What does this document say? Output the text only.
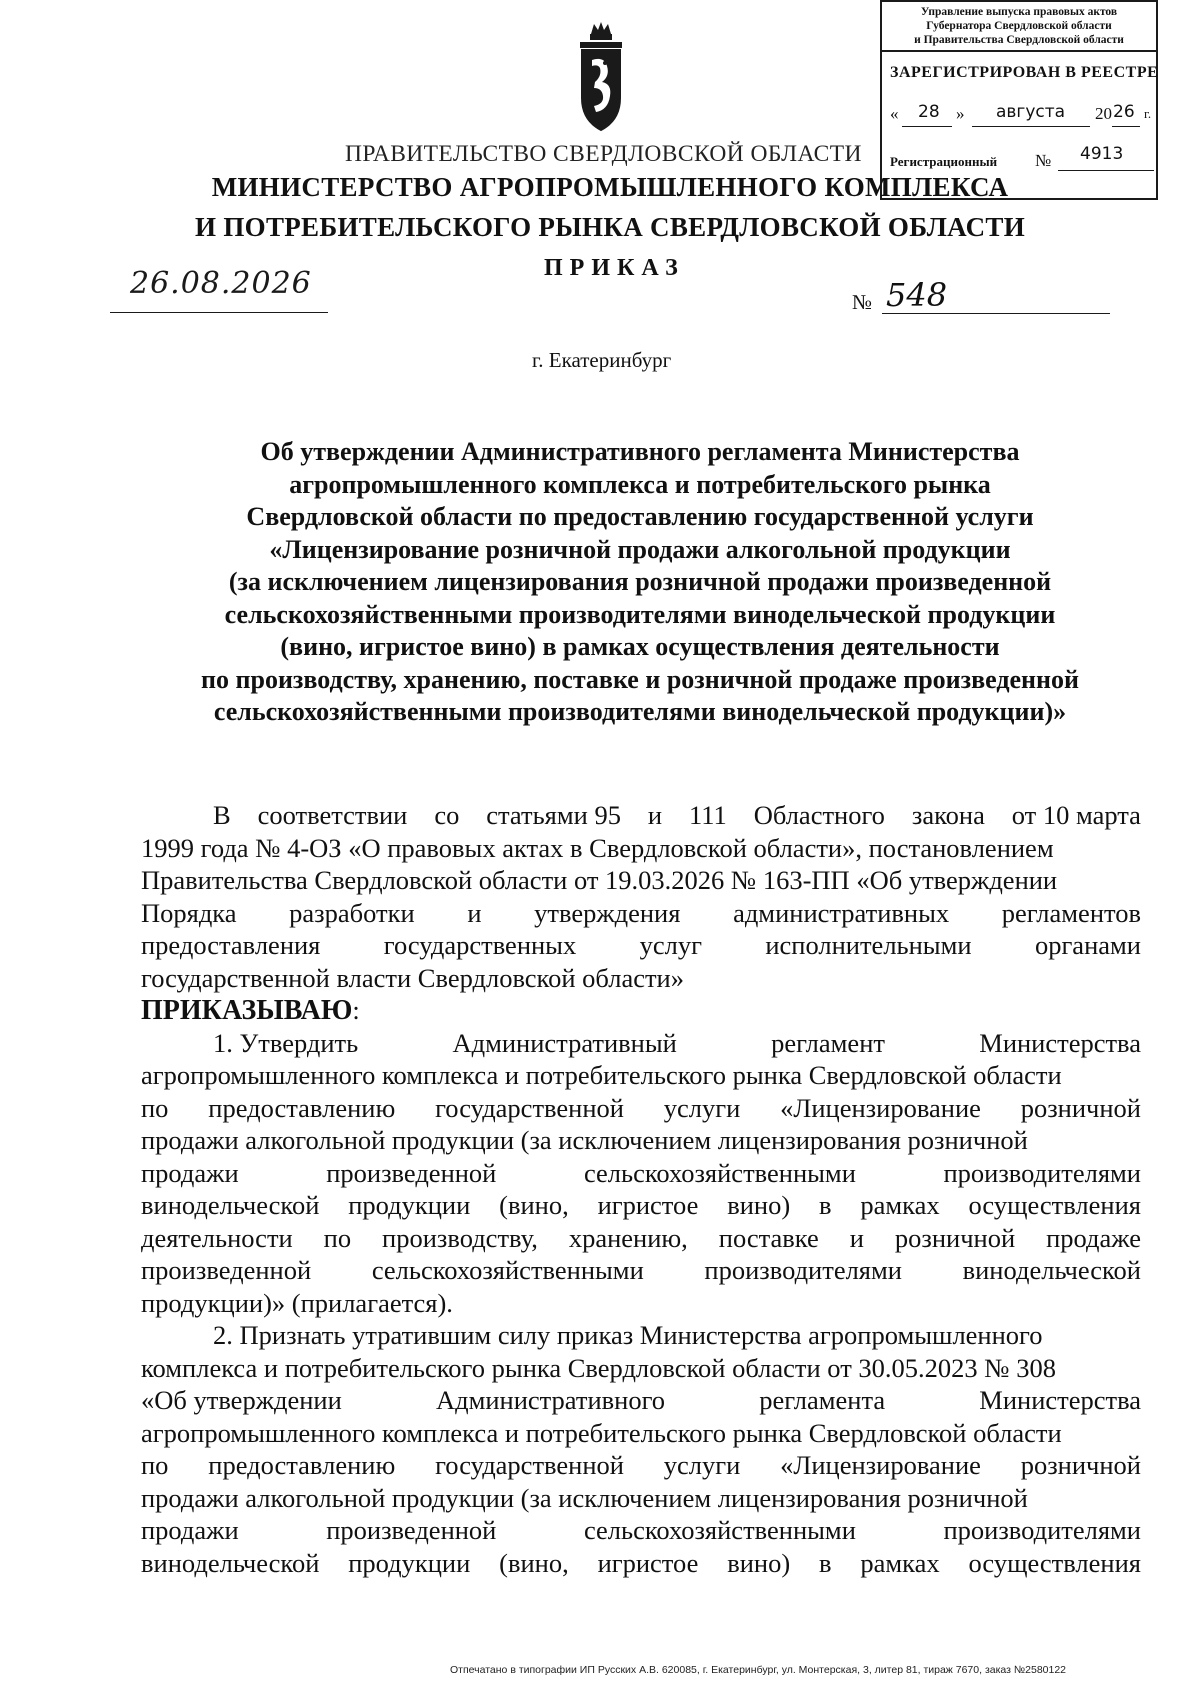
Управление выпуска правовых актов
Губернатора Свердловской области
и Правительства Свердловской области
ЗАРЕГИСТРИРОВАН В РЕЕСТРЕ
« 28 » августа 20 26 г.
Регистрационный № 4913
ПРАВИТЕЛЬСТВО СВЕРДЛОВСКОЙ ОБЛАСТИ
МИНИСТЕРСТВО АГРОПРОМЫШЛЕННОГО КОМПЛЕКСА
И ПОТРЕБИТЕЛЬСКОГО РЫНКА СВЕРДЛОВСКОЙ ОБЛАСТИ
ПРИКАЗ
26.08.2026
№ 548
г. Екатеринбург
Об утверждении Административного регламента Министерства
агропромышленного комплекса и потребительского рынка
Свердловской области по предоставлению государственной услуги
«Лицензирование розничной продажи алкогольной продукции
(за исключением лицензирования розничной продажи произведенной
сельскохозяйственными производителями винодельческой продукции
(вино, игристое вино) в рамках осуществления деятельности
по производству, хранению, поставке и розничной продаже произведенной
сельскохозяйственными производителями винодельческой продукции)»
В соответствии со статьями 95 и 111 Областного закона от 10 марта
1999 года № 4-ОЗ «О правовых актах в Свердловской области», постановлением
Правительства Свердловской области от 19.03.2026 № 163-ПП «Об утверждении
Порядка разработки и утверждения административных регламентов
предоставления государственных услуг исполнительными органами
государственной власти Свердловской области»
ПРИКАЗЫВАЮ:
1. Утвердить	Административный	регламент	Министерства
агропромышленного комплекса и потребительского рынка Свердловской области
по предоставлению государственной услуги «Лицензирование розничной
продажи алкогольной продукции (за исключением лицензирования розничной
продажи	произведенной	сельскохозяйственными	производителями
винодельческой продукции (вино, игристое вино) в рамках осуществления
деятельности по производству, хранению, поставке и розничной продаже
произведенной сельскохозяйственными производителями винодельческой
продукции)» (прилагается).
2. Признать утратившим силу приказ Министерства агропромышленного
комплекса и потребительского рынка Свердловской области от 30.05.2023 № 308
«Об утверждении	Административного	регламента	Министерства
агропромышленного комплекса и потребительского рынка Свердловской области
по предоставлению государственной услуги «Лицензирование розничной
продажи алкогольной продукции (за исключением лицензирования розничной
продажи	произведенной	сельскохозяйственными	производителями
винодельческой продукции (вино, игристое вино) в рамках осуществления
Отпечатано в типографии ИП Русских А.В. 620085, г. Екатеринбург, ул. Монтерская, 3, литер 81, тираж 7670, заказ №2580122
